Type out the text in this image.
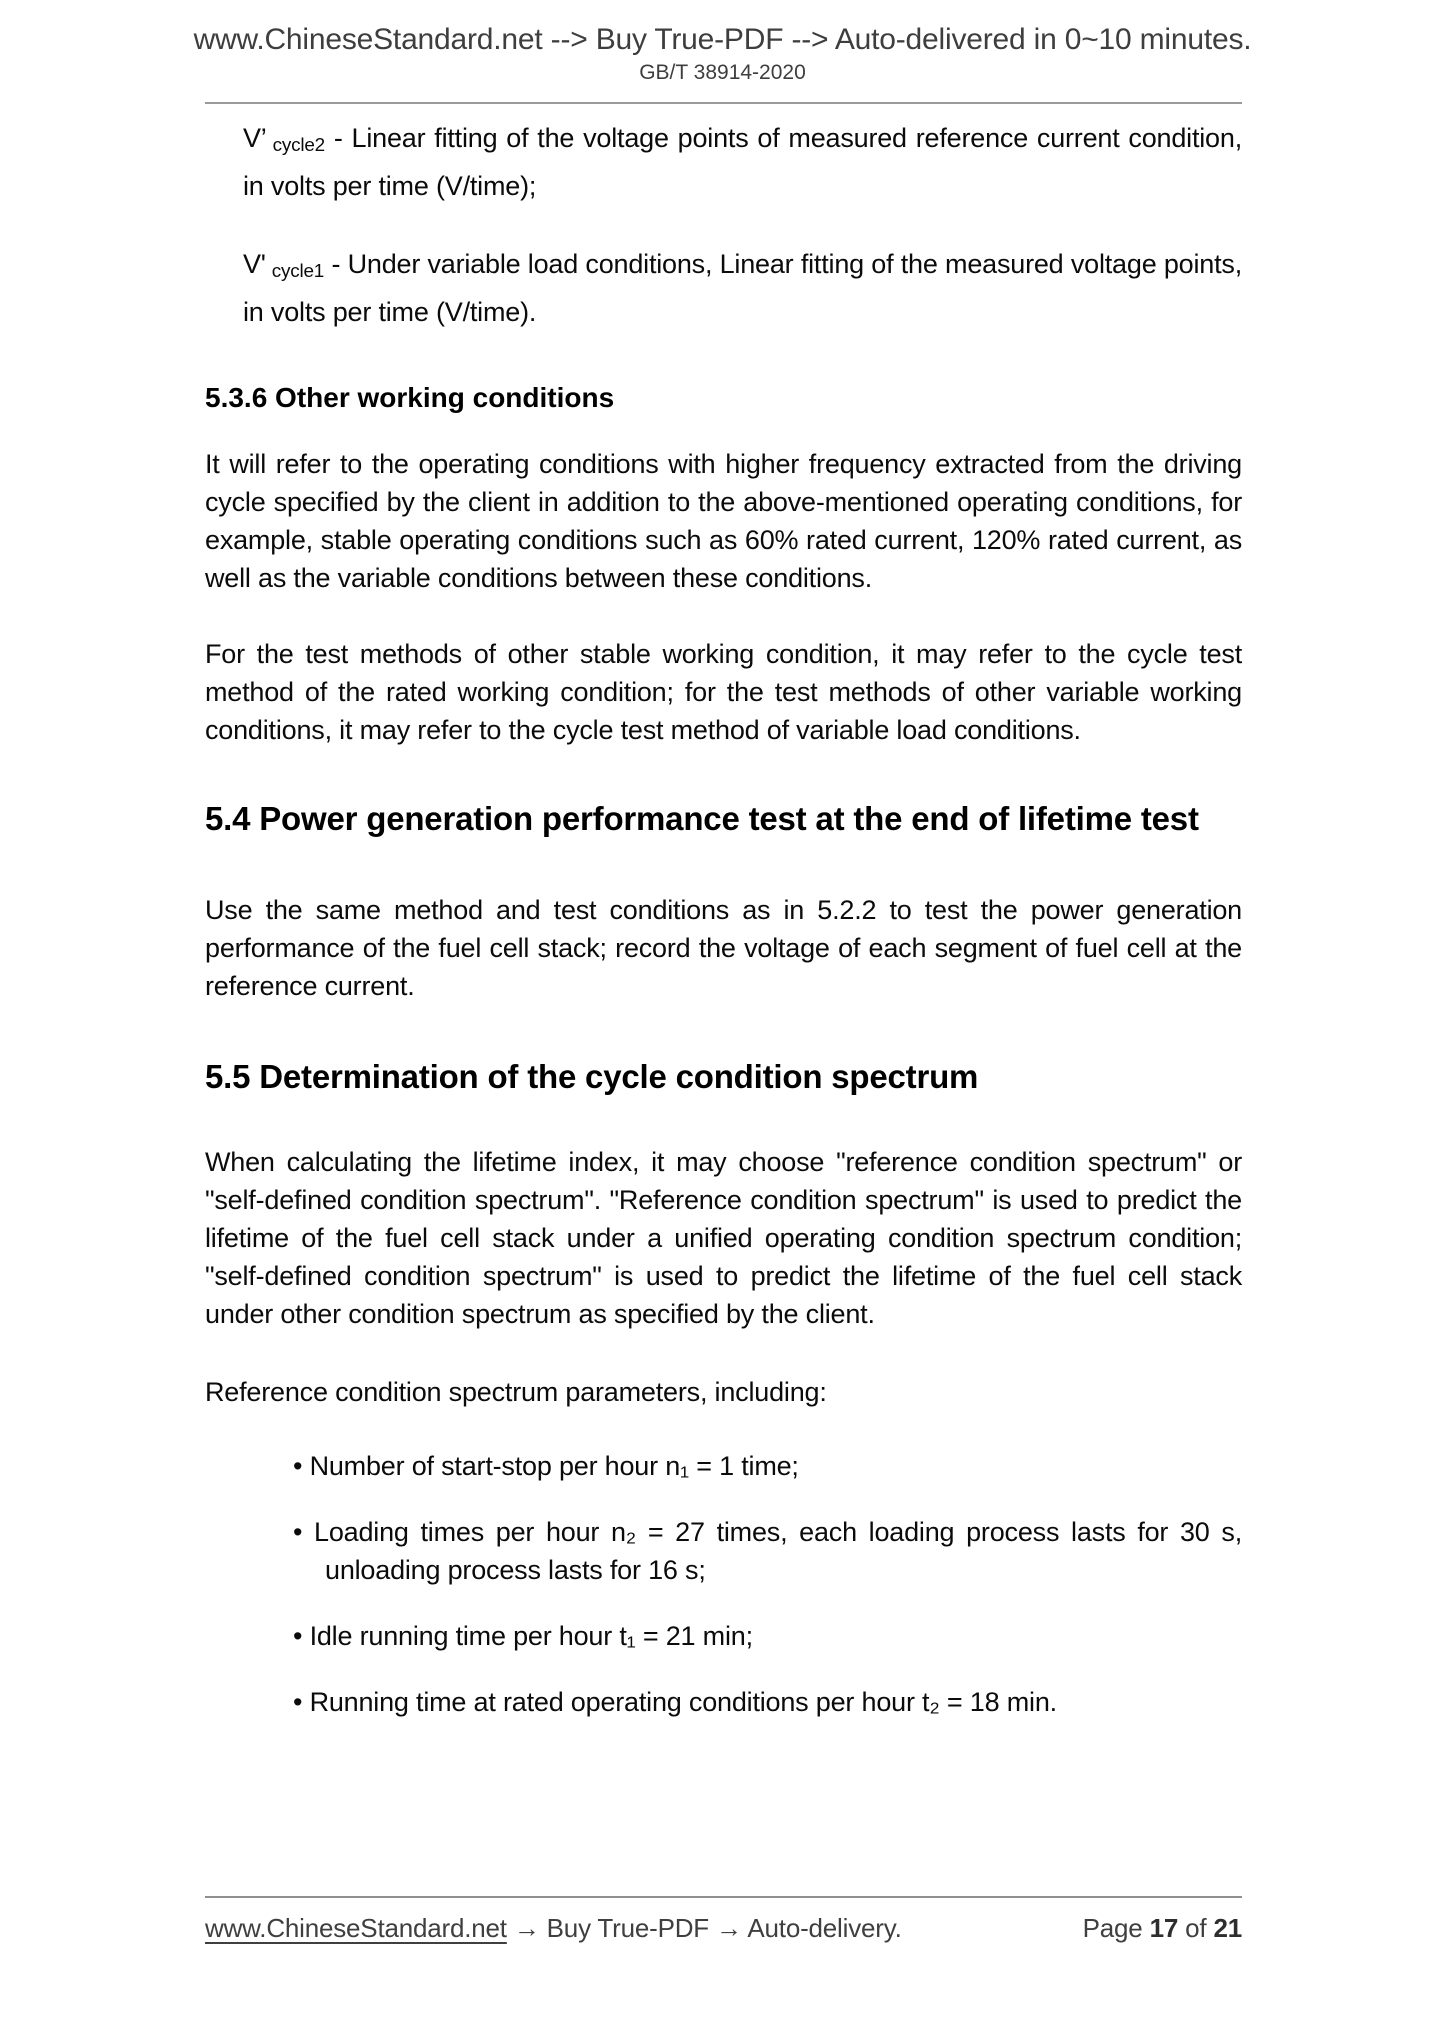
www.ChineseStandard.net --> Buy True-PDF --> Auto-delivered in 0~10 minutes.
GB/T 38914-2020

V’ $_{cycle2}$ - Linear fitting of the voltage points of measured reference current condition, in volts per time (V/time);

V' $_{cycle1}$ - Under variable load conditions, Linear fitting of the measured voltage points, in volts per time (V/time).

5.3.6 Other working conditions

It will refer to the operating conditions with higher frequency extracted from the driving cycle specified by the client in addition to the above-mentioned operating conditions, for example, stable operating conditions such as 60% rated current, 120% rated current, as well as the variable conditions between these conditions.

For the test methods of other stable working condition, it may refer to the cycle test method of the rated working condition; for the test methods of other variable working conditions, it may refer to the cycle test method of variable load conditions.

5.4 Power generation performance test at the end of lifetime test

Use the same method and test conditions as in 5.2.2 to test the power generation performance of the fuel cell stack; record the voltage of each segment of fuel cell at the reference current.

5.5 Determination of the cycle condition spectrum

When calculating the lifetime index, it may choose "reference condition spectrum" or "self-defined condition spectrum". "Reference condition spectrum" is used to predict the lifetime of the fuel cell stack under a unified operating condition spectrum condition; "self-defined condition spectrum" is used to predict the lifetime of the fuel cell stack under other condition spectrum as specified by the client.

Reference condition spectrum parameters, including:

• Number of start-stop per hour n₁ = 1 time;
• Loading times per hour n₂ = 27 times, each loading process lasts for 30 s, unloading process lasts for 16 s;
• Idle running time per hour t₁ = 21 min;
• Running time at rated operating conditions per hour t₂ = 18 min.
www.ChineseStandard.net → Buy True-PDF → Auto-delivery.	Page 17 of 21
